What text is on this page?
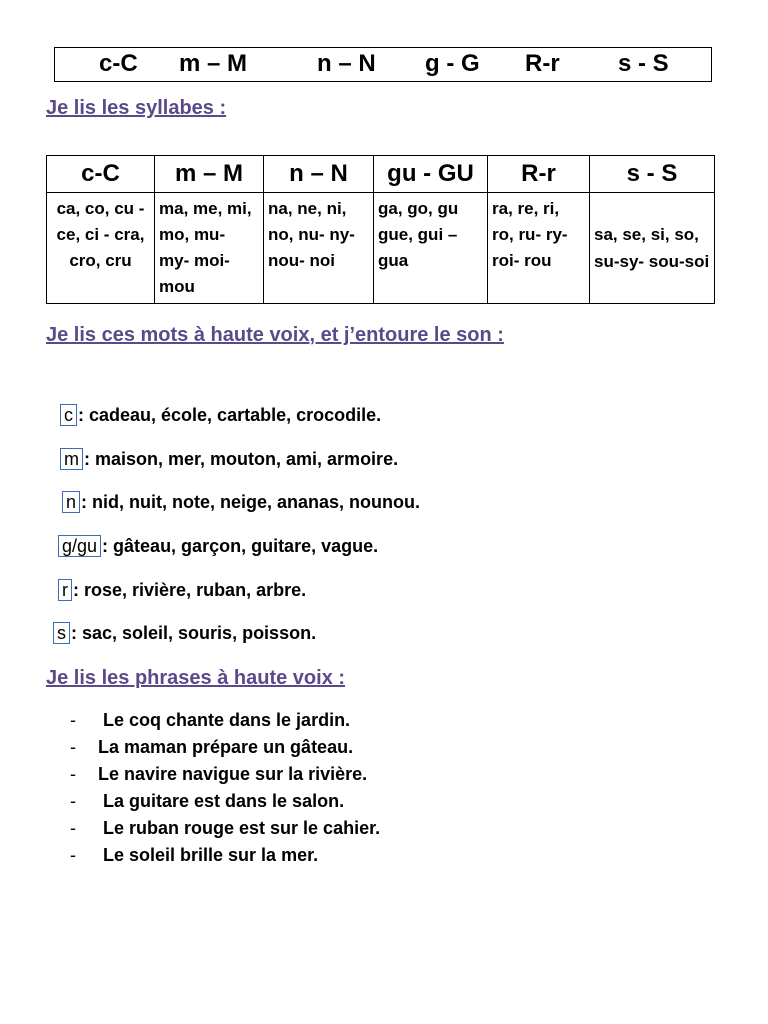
c-C m – M	n – N g - G R-r s - S
Je lis les syllabes :
c-C	m – M	n – N	gu - GU	R-r	s - S
ca, co, cu - ce, ci - cra, cro, cru	ma, me, mi, mo, mu- my- moi-mou	na, ne, ni, no, nu- ny-nou- noi	ga, go, gu gue, gui – gua	ra, re, ri, ro, ru- ry- roi- rou	sa, se, si, so, su-sy- sou-soi
Je lis ces mots à haute voix, et j’entoure le son :
c : cadeau, école, cartable, crocodile.
m : maison, mer, mouton, ami, armoire.
n : nid, nuit, note, neige, ananas, nounou.
g/gu : gâteau, garçon, guitare, vague.
r : rose, rivière, ruban, arbre.
s : sac, soleil, souris, poisson.
Je lis les phrases à haute voix :
- Le coq chante dans le jardin.
- La maman prépare un gâteau.
- Le navire navigue sur la rivière.
- La guitare est dans le salon.
- Le ruban rouge est sur le cahier.
- Le soleil brille sur la mer.
